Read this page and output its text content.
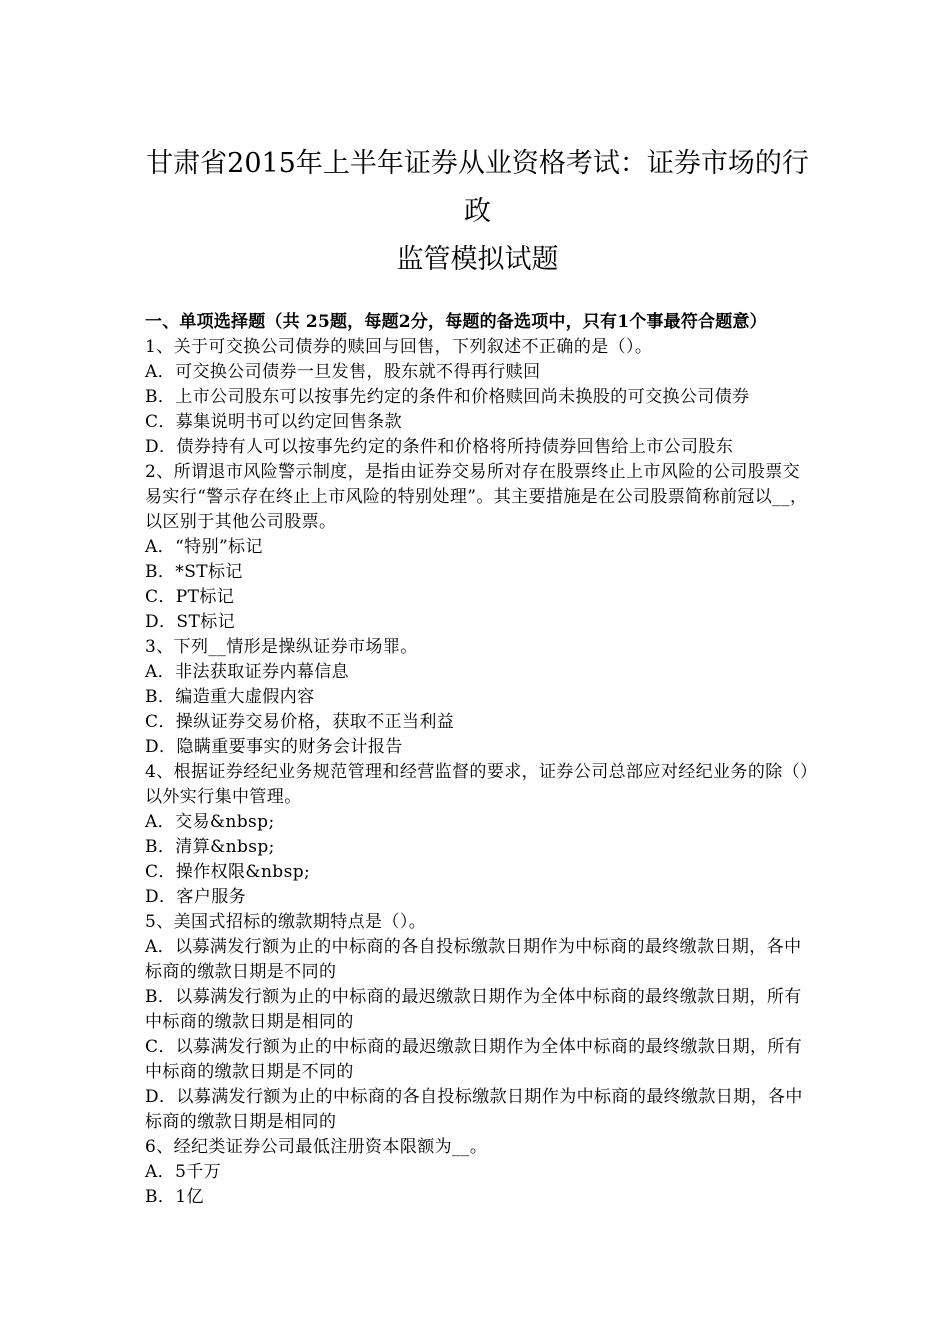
甘肃省2015年上半年证券从业资格考试：证券市场的行政
监管模拟试题

一、单项选择题（共 25题，每题2分，每题的备选项中，只有1个事最符合题意）

1、关于可交换公司债券的赎回与回售，下列叙述不正确的是（）。

A．可交换公司债券一旦发售，股东就不得再行赎回

B．上市公司股东可以按事先约定的条件和价格赎回尚未换股的可交换公司债券

C．募集说明书可以约定回售条款

D．债券持有人可以按事先约定的条件和价格将所持债券回售给上市公司股东

2、所谓退市风险警示制度，是指由证券交易所对存在股票终止上市风险的公司股票交易实行“警示存在终止上市风险的特别处理”。其主要措施是在公司股票简称前冠以__，以区别于其他公司股票。

A．“特别”标记

B．*ST标记

C．PT标记

D．ST标记

3、下列__情形是操纵证券市场罪。

A．非法获取证券内幕信息

B．编造重大虚假内容

C．操纵证券交易价格，获取不正当利益

D．隐瞒重要事实的财务会计报告

4、根据证券经纪业务规范管理和经营监督的要求，证券公司总部应对经纪业务的除（）以外实行集中管理。

A．交易&nbsp;

B．清算&nbsp;

C．操作权限&nbsp;

D．客户服务

5、美国式招标的缴款期特点是（）。

A．以募满发行额为止的中标商的各自投标缴款日期作为中标商的最终缴款日期，各中标商的缴款日期是不同的

B．以募满发行额为止的中标商的最迟缴款日期作为全体中标商的最终缴款日期，所有中标商的缴款日期是相同的

C．以募满发行额为止的中标商的最迟缴款日期作为全体中标商的最终缴款日期，所有中标商的缴款日期是不同的

D．以募满发行额为止的中标商的各自投标缴款日期作为中标商的最终缴款日期，各中标商的缴款日期是相同的

6、经纪类证券公司最低注册资本限额为__。

A．5千万

B．1亿
